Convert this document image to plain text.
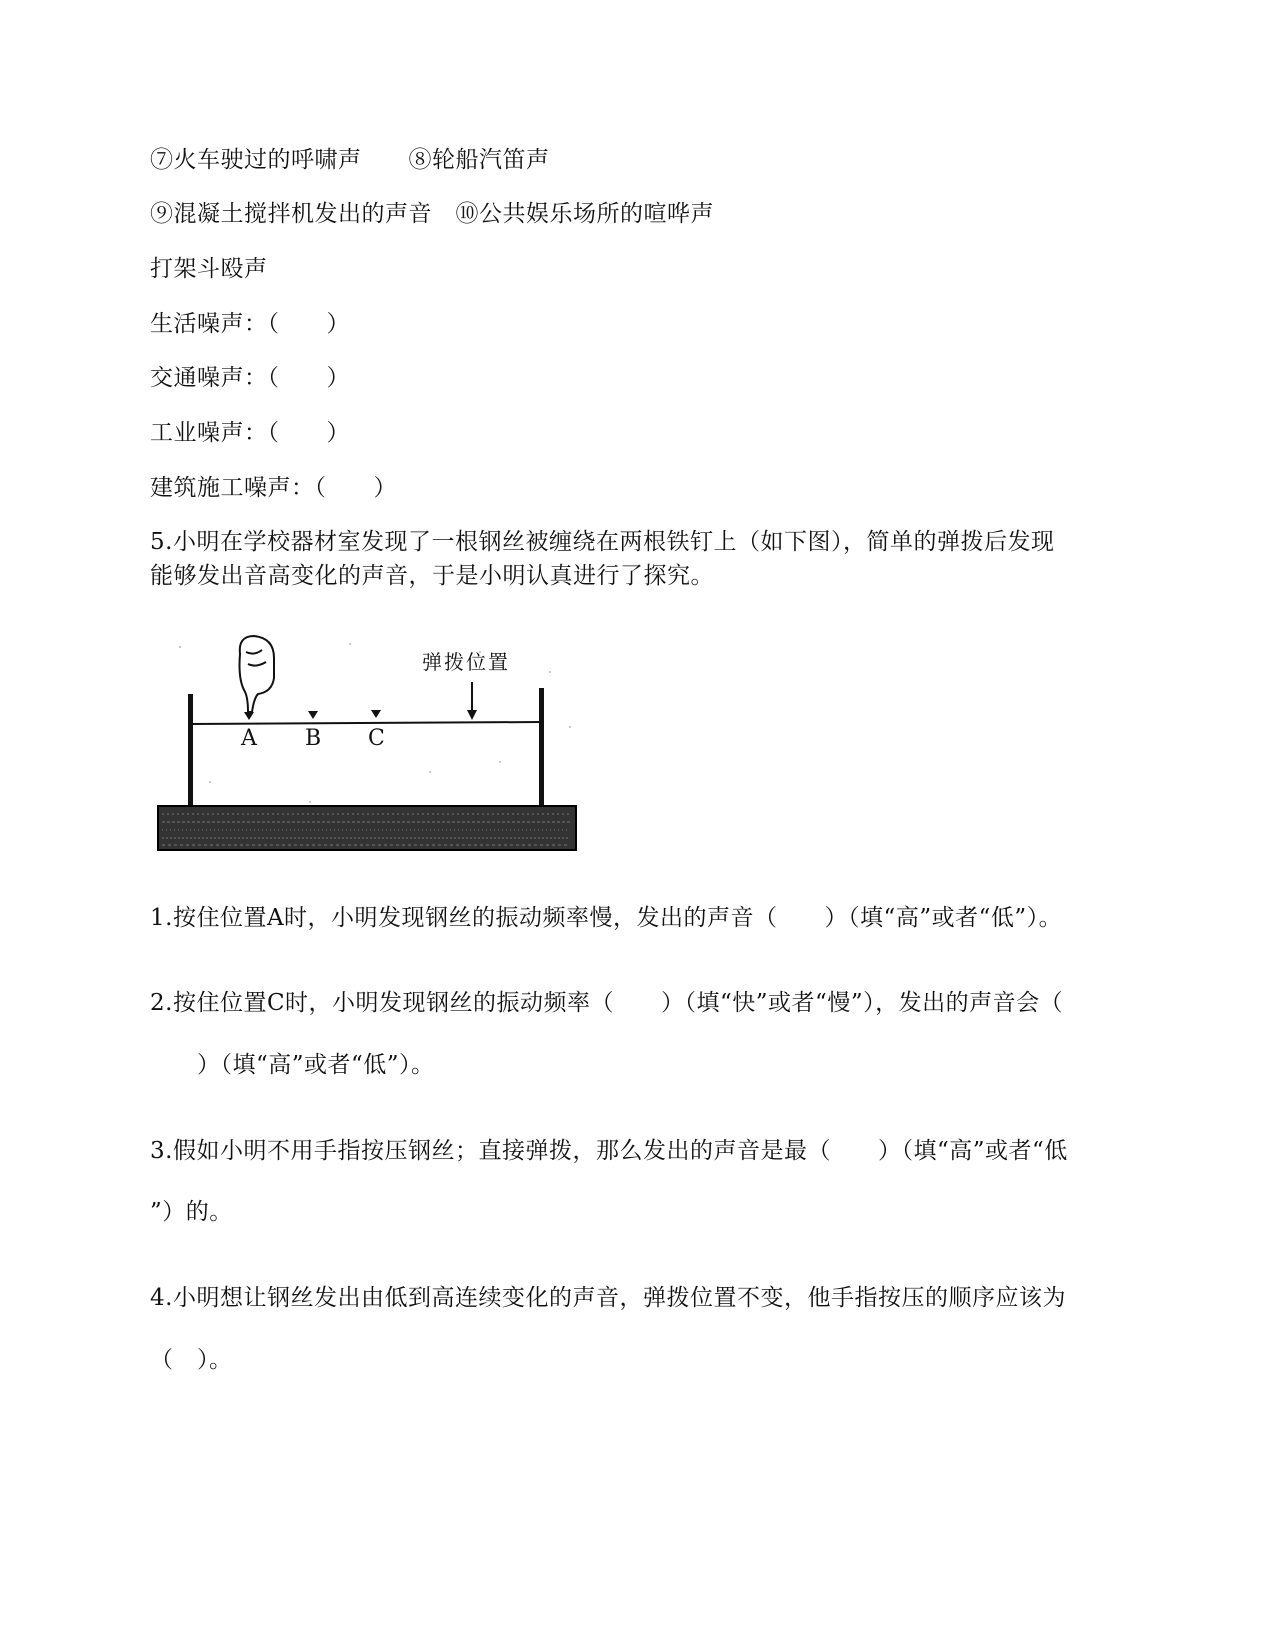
⑦火车驶过的呼啸声　　⑧轮船汽笛声
⑨混凝土搅拌机发出的声音　⑩公共娱乐场所的喧哗声
打架斗殴声
生活噪声：（　　）
交通噪声：（　　）
工业噪声：（　　）
建筑施工噪声：（　　）
5.小明在学校器材室发现了一根钢丝被缠绕在两根铁钉上（如下图），简单的弹拨后发现
能够发出音高变化的声音，于是小明认真进行了探究。
弹拨位置
A B C
1.按住位置A时，小明发现钢丝的振动频率慢，发出的声音（　　）（填“高”或者“低”）。
2.按住位置C时，小明发现钢丝的振动频率（　　）（填“快”或者“慢”），发出的声音会（
　　）（填“高”或者“低”）。
3.假如小明不用手指按压钢丝；直接弹拨，那么发出的声音是最（　　）（填“高”或者“低
”）的。
4.小明想让钢丝发出由低到高连续变化的声音，弹拨位置不变，他手指按压的顺序应该为
（　）。
